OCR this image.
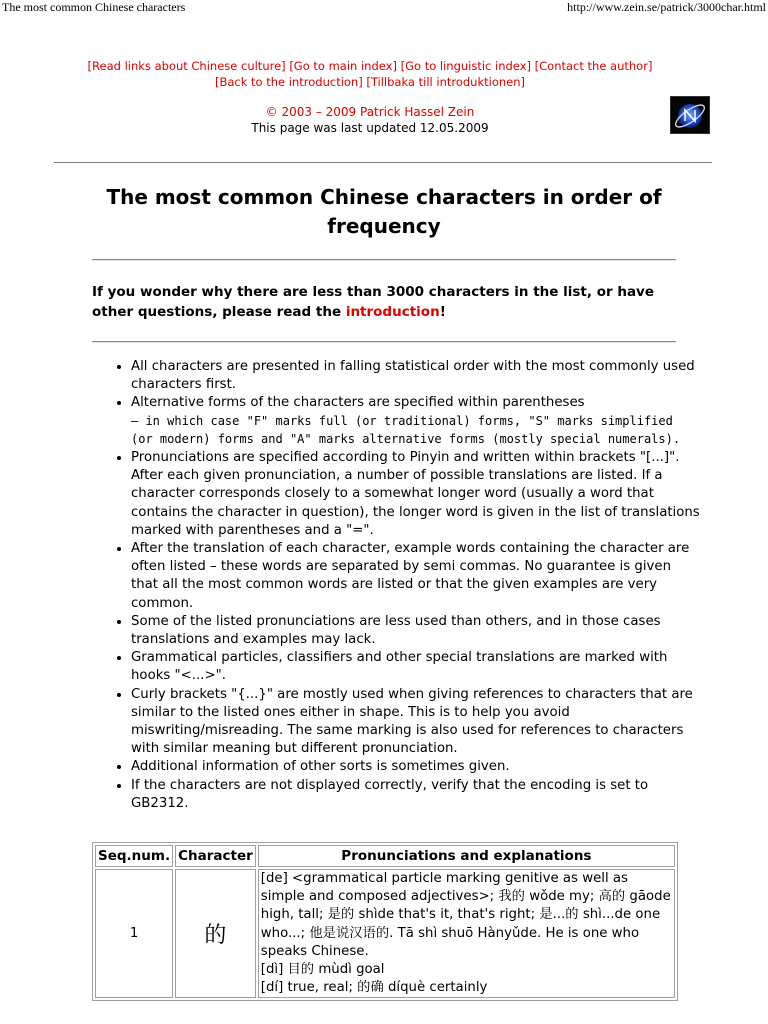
The most common Chinese characters	http://www.zein.se/patrick/3000char.html
[Read links about Chinese culture] [Go to main index] [Go to linguistic index] [Contact the author]
[Back to the introduction] [Tillbaka till introduktionen]
© 2003 – 2009 Patrick Hassel Zein
This page was last updated 12.05.2009
The most common Chinese characters in order of frequency
If you wonder why there are less than 3000 characters in the list, or have other questions, please read the introduction!
• All characters are presented in falling statistical order with the most commonly used characters first.
• Alternative forms of the characters are specified within parentheses
– in which case "F" marks full (or traditional) forms, "S" marks simplified (or modern) forms and "A" marks alternative forms (mostly special numerals).
• Pronunciations are specified according to Pinyin and written within brackets "[...]". After each given pronunciation, a number of possible translations are listed. If a character corresponds closely to a somewhat longer word (usually a word that contains the character in question), the longer word is given in the list of translations marked with parentheses and a "=".
• After the translation of each character, example words containing the character are often listed – these words are separated by semi commas. No guarantee is given that all the most common words are listed or that the given examples are very common.
• Some of the listed pronunciations are less used than others, and in those cases translations and examples may lack.
• Grammatical particles, classifiers and other special translations are marked with hooks "<...>".
• Curly brackets "{...}" are mostly used when giving references to characters that are similar to the listed ones either in shape. This is to help you avoid miswriting/misreading. The same marking is also used for references to characters with similar meaning but different pronunciation.
• Additional information of other sorts is sometimes given.
• If the characters are not displayed correctly, verify that the encoding is set to GB2312.
Seq.num.	Character	Pronunciations and explanations
1	的	[de] <grammatical particle marking genitive as well as simple and composed adjectives>; 我的 wǒde my; 高的 gāode high, tall; 是的 shìde that's it, that's right; 是...的 shì...de one who...; 他是说汉语的. Tā shì shuō Hànyǔde. He is one who speaks Chinese.
[dì] 目的 mùdì goal
[dí] true, real; 的确 díquè certainly
